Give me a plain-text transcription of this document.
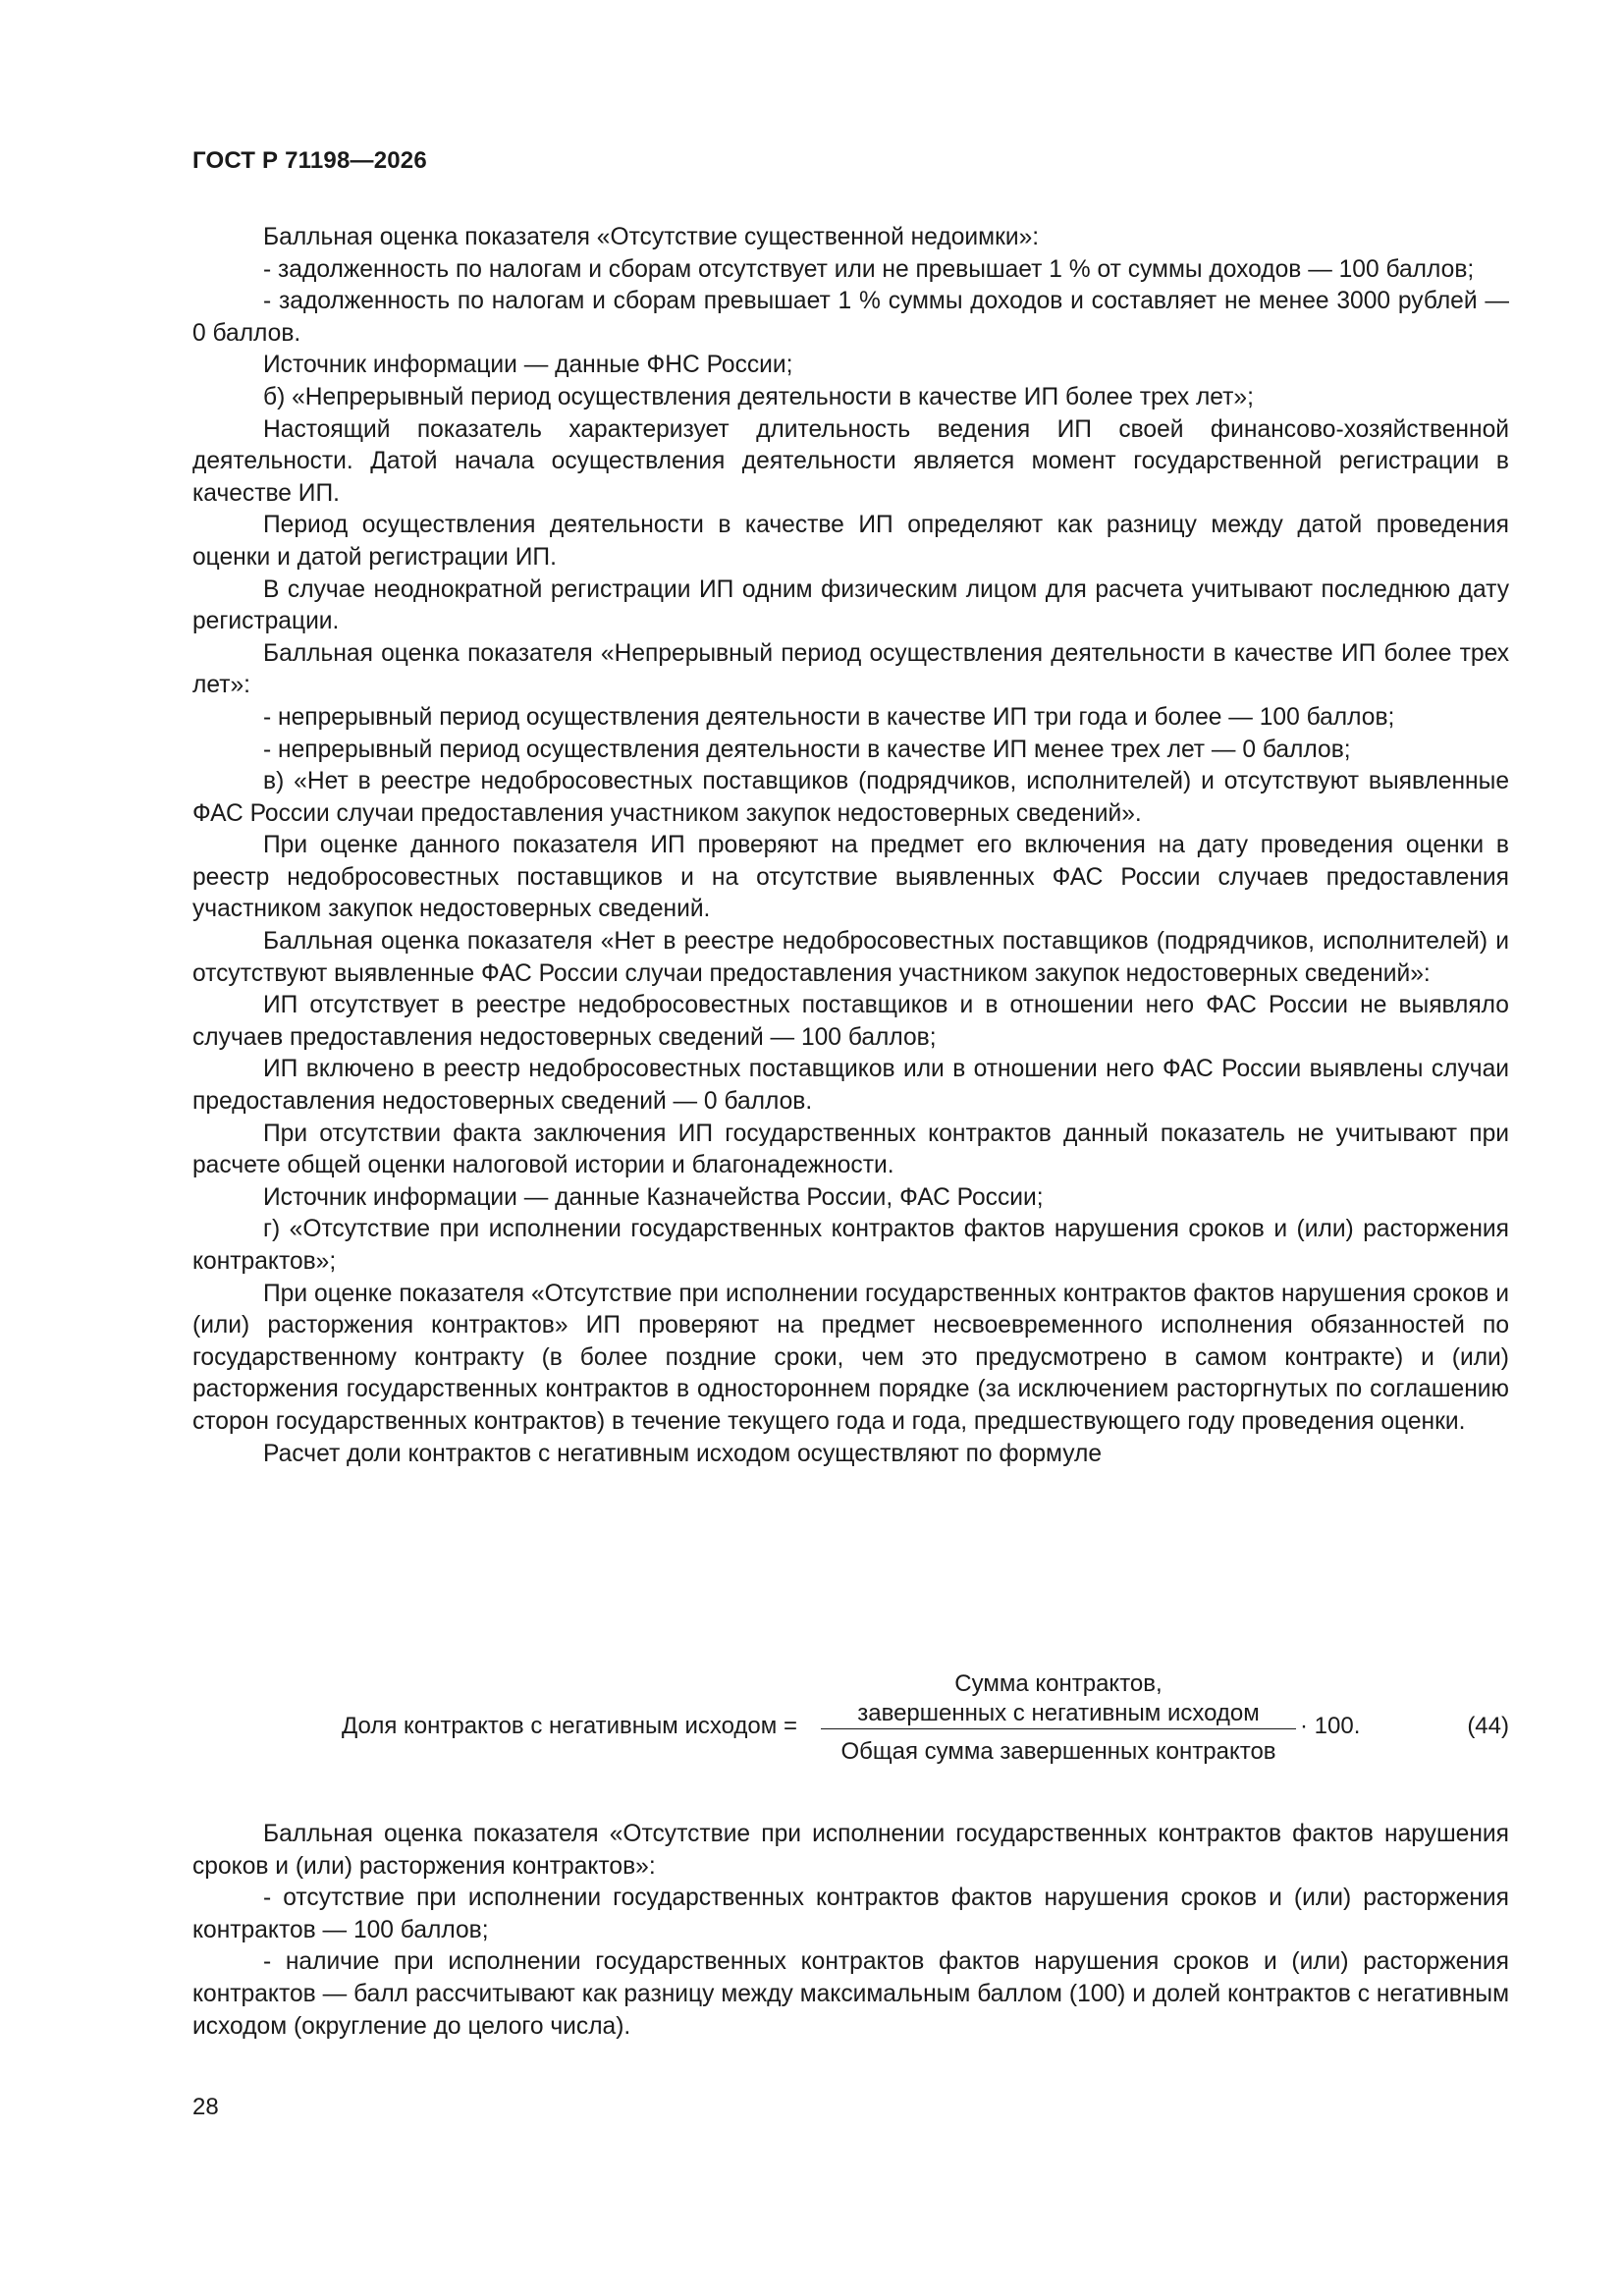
ГОСТ Р 71198—2026

Балльная оценка показателя «Отсутствие существенной недоимки»:

- задолженность по налогам и сборам отсутствует или не превышает 1 % от суммы доходов — 100 баллов;

- задолженность по налогам и сборам превышает 1 % суммы доходов и составляет не менее 3000 рублей — 0 баллов.

Источник информации — данные ФНС России;

б) «Непрерывный период осуществления деятельности в качестве ИП более трех лет»;

Настоящий показатель характеризует длительность ведения ИП своей финансово-хозяйственной деятельности. Датой начала осуществления деятельности является момент государственной регистрации в качестве ИП.

Период осуществления деятельности в качестве ИП определяют как разницу между датой проведения оценки и датой регистрации ИП.

В случае неоднократной регистрации ИП одним физическим лицом для расчета учитывают последнюю дату регистрации.

Балльная оценка показателя «Непрерывный период осуществления деятельности в качестве ИП более трех лет»:

- непрерывный период осуществления деятельности в качестве ИП три года и более — 100 баллов;

- непрерывный период осуществления деятельности в качестве ИП менее трех лет — 0 баллов;

в) «Нет в реестре недобросовестных поставщиков (подрядчиков, исполнителей) и отсутствуют выявленные ФАС России случаи предоставления участником закупок недостоверных сведений».

При оценке данного показателя ИП проверяют на предмет его включения на дату проведения оценки в реестр недобросовестных поставщиков и на отсутствие выявленных ФАС России случаев предоставления участником закупок недостоверных сведений.

Балльная оценка показателя «Нет в реестре недобросовестных поставщиков (подрядчиков, исполнителей) и отсутствуют выявленные ФАС России случаи предоставления участником закупок недостоверных сведений»:

ИП отсутствует в реестре недобросовестных поставщиков и в отношении него ФАС России не выявляло случаев предоставления недостоверных сведений — 100 баллов;

ИП включено в реестр недобросовестных поставщиков или в отношении него ФАС России выявлены случаи предоставления недостоверных сведений — 0 баллов.

При отсутствии факта заключения ИП государственных контрактов данный показатель не учитывают при расчете общей оценки налоговой истории и благонадежности.

Источник информации — данные Казначейства России, ФАС России;

г) «Отсутствие при исполнении государственных контрактов фактов нарушения сроков и (или) расторжения контрактов»;

При оценке показателя «Отсутствие при исполнении государственных контрактов фактов нарушения сроков и (или) расторжения контрактов» ИП проверяют на предмет несвоевременного исполнения обязанностей по государственному контракту (в более поздние сроки, чем это предусмотрено в самом контракте) и (или) расторжения государственных контрактов в одностороннем порядке (за исключением расторгнутых по соглашению сторон государственных контрактов) в течение текущего года и года, предшествующего году проведения оценки.

Расчет доли контрактов с негативным исходом осуществляют по формуле

Доля контрактов с негативным исходом =
Сумма контрактов,
завершенных с негативным исходом
Общая сумма завершенных контрактов
· 100.	(44)

Балльная оценка показателя «Отсутствие при исполнении государственных контрактов фактов нарушения сроков и (или) расторжения контрактов»:

- отсутствие при исполнении государственных контрактов фактов нарушения сроков и (или) расторжения контрактов — 100 баллов;

- наличие при исполнении государственных контрактов фактов нарушения сроков и (или) расторжения контрактов — балл рассчитывают как разницу между максимальным баллом (100) и долей контрактов с негативным исходом (округление до целого числа).

28
